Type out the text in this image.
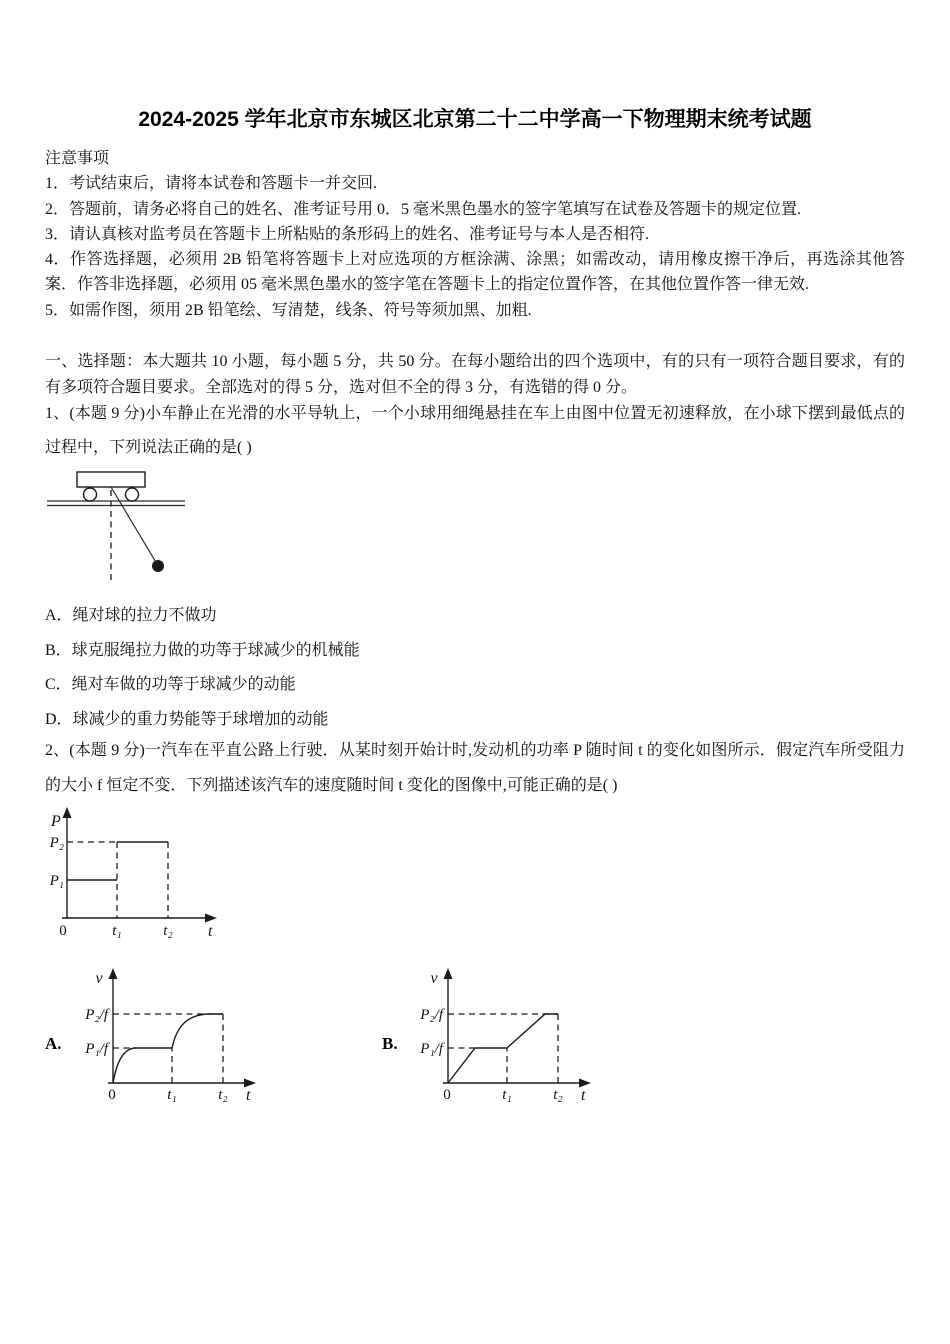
2024-2025 学年北京市东城区北京第二十二中学高一下物理期末统考试题

注意事项

1．考试结束后，请将本试卷和答题卡一并交回.

2．答题前，请务必将自己的姓名、准考证号用 0．5 毫米黑色墨水的签字笔填写在试卷及答题卡的规定位置.

3．请认真核对监考员在答题卡上所粘贴的条形码上的姓名、准考证号与本人是否相符.

4．作答选择题，必须用 2B 铅笔将答题卡上对应选项的方框涂满、涂黑；如需改动，请用橡皮擦干净后，再选涂其他答案．作答非选择题，必须用 05 毫米黑色墨水的签字笔在答题卡上的指定位置作答，在其他位置作答一律无效.

5．如需作图，须用 2B 铅笔绘、写清楚，线条、符号等须加黑、加粗.

一、选择题：本大题共 10 小题，每小题 5 分，共 50 分。在每小题给出的四个选项中，有的只有一项符合题目要求，有的有多项符合题目要求。全部选对的得 5 分，选对但不全的得 3 分，有选错的得 0 分。

1、(本题 9 分)小车静止在光滑的水平导轨上，一个小球用细绳悬挂在车上由图中位置无初速释放，在小球下摆到最低点的过程中，下列说法正确的是( )

A．绳对球的拉力不做功

B．球克服绳拉力做的功等于球减少的机械能

C．绳对车做的功等于球减少的动能

D．球减少的重力势能等于球增加的动能

2、(本题 9 分)一汽车在平直公路上行驶．从某时刻开始计时,发动机的功率 P 随时间 t 的变化如图所示．假定汽车所受阻力的大小 f 恒定不变．下列描述该汽车的速度随时间 t 变化的图像中,可能正确的是( )

P
P₂
P₁
0	t₁	t₂ t
A.
v
P₂/f
P₁/f
0	t₁	t₂ t
B.
v
P₂/f
P₁/f
0	t₁	t₂ t
